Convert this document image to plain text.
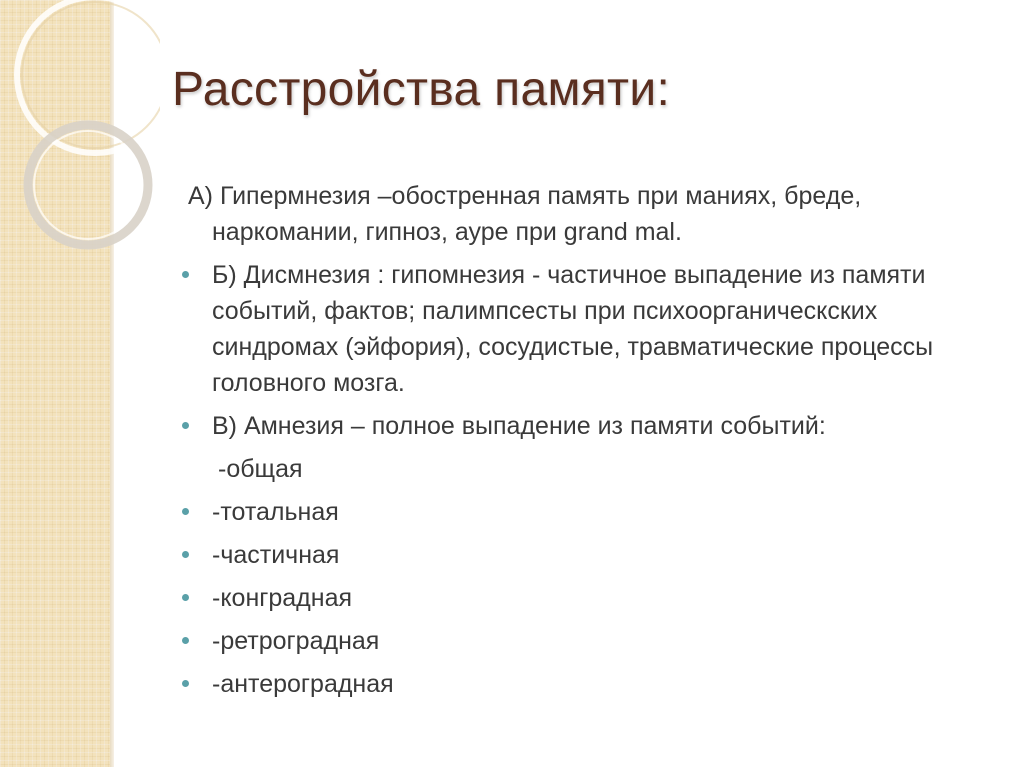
Расстройства памяти:
А) Гипермнезия –обостренная память при маниях, бреде,
наркомании, гипноз, ауре при grand mal.
Б) Дисмнезия : гипомнезия - частичное выпадение из памяти событий, фактов; палимпсесты при психоорганическских синдромах (эйфория), сосудистые, травматические процессы головного мозга.
В) Амнезия – полное выпадение из памяти событий:
-общая
-тотальная
-частичная
-конградная
-ретроградная
-антероградная
